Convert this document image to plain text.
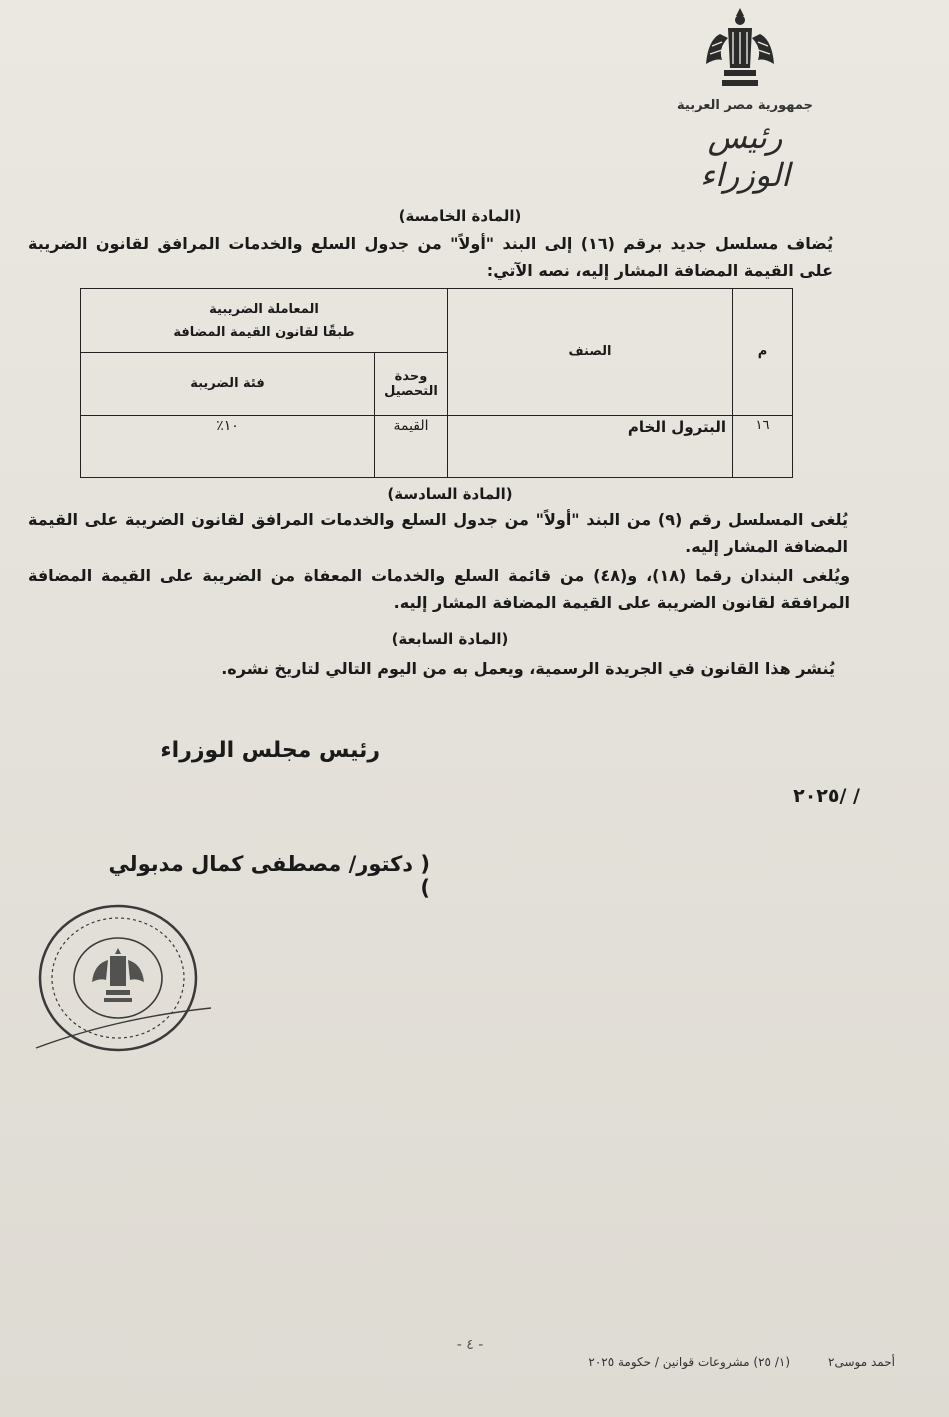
جمهورية مصر العربية
رئيس الوزراء
(المادة الخامسة)
يُضاف مسلسل جديد برقم (١٦) إلى البند "أولاً" من جدول السلع والخدمات المرافق لقانون الضريبة على القيمة المضافة المشار إليه، نصه الآتي:
م	الصنف	المعاملة الضريبية
طبقًا لقانون القيمة المضافة	

		وحدة التحصيل	فئة الضريبة
١٦	البترول الخام	القيمة	١٠٪
(المادة السادسة)
يُلغى المسلسل رقم (٩) من البند "أولاً" من جدول السلع والخدمات المرافق لقانون الضريبة على القيمة المضافة المشار إليه.
ويُلغى البندان رقما (١٨)، و(٤٨) من قائمة السلع والخدمات المعفاة من الضريبة على القيمة المضافة المرافقة لقانون الضريبة على القيمة المضافة المشار إليه.
(المادة السابعة)
يُنشر هذا القانون في الجريدة الرسمية، ويعمل به من اليوم التالي لتاريخ نشره.
رئيس مجلس الوزراء
/ /٢٠٢٥
( دكتور/ مصطفى كمال مدبولي )
- ٤ -
أحمد موسى٢
(١/ ٢٥) مشروعات قوانين / حكومة ٢٠٢٥
